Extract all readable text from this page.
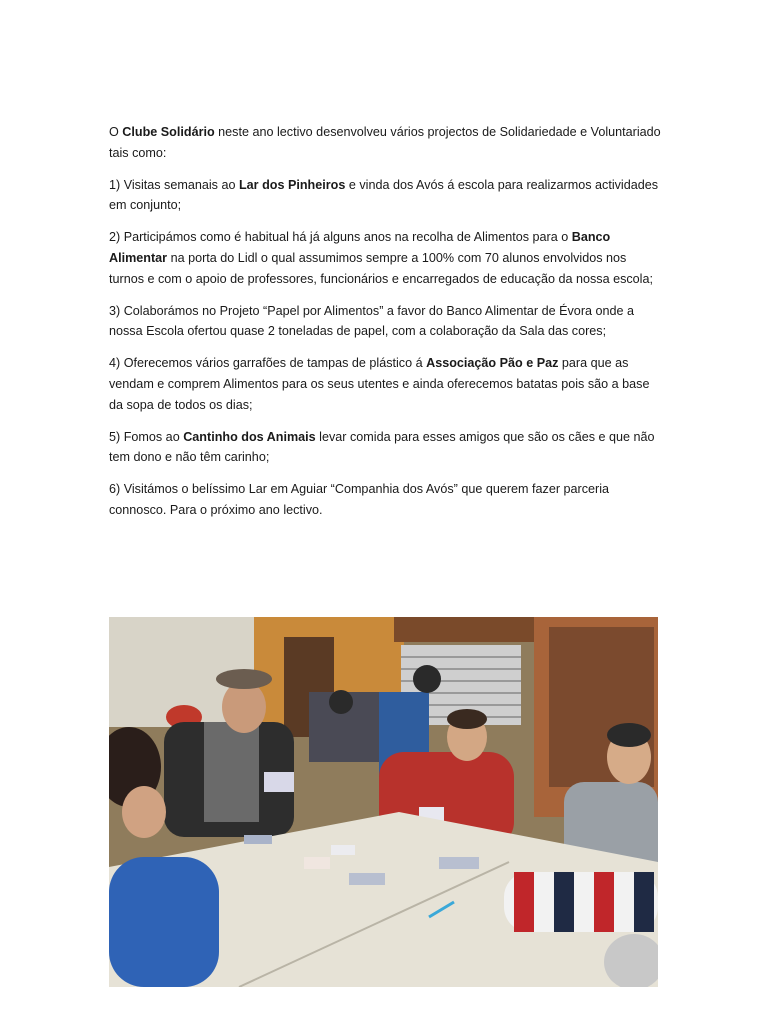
O Clube Solidário neste ano lectivo desenvolveu vários projectos de Solidariedade e Voluntariado tais como:

1) Visitas semanais ao Lar dos Pinheiros e vinda dos Avós á escola para realizarmos actividades em conjunto;

2) Participámos como é habitual há já alguns anos na recolha de Alimentos para o Banco Alimentar na porta do Lidl o qual assumimos sempre a 100% com 70 alunos envolvidos nos turnos e com o apoio de professores, funcionários e encarregados de educação da nossa escola;

3) Colaborámos no Projeto “Papel por Alimentos” a favor do Banco Alimentar de Évora onde a nossa Escola ofertou quase 2 toneladas de papel, com a colaboração da Sala das cores;

4) Oferecemos vários garrafões de tampas de plástico á Associação Pão e Paz para que as vendam e comprem Alimentos para os seus utentes e ainda oferecemos batatas pois são a base da sopa de todos os dias;

5) Fomos ao Cantinho dos Animais levar comida para esses amigos que são os cães e que não tem dono e não têm carinho;

6) Visitámos o belíssimo Lar em Aguiar “Companhia dos Avós” que querem fazer parceria connosco. Para o próximo ano lectivo.
